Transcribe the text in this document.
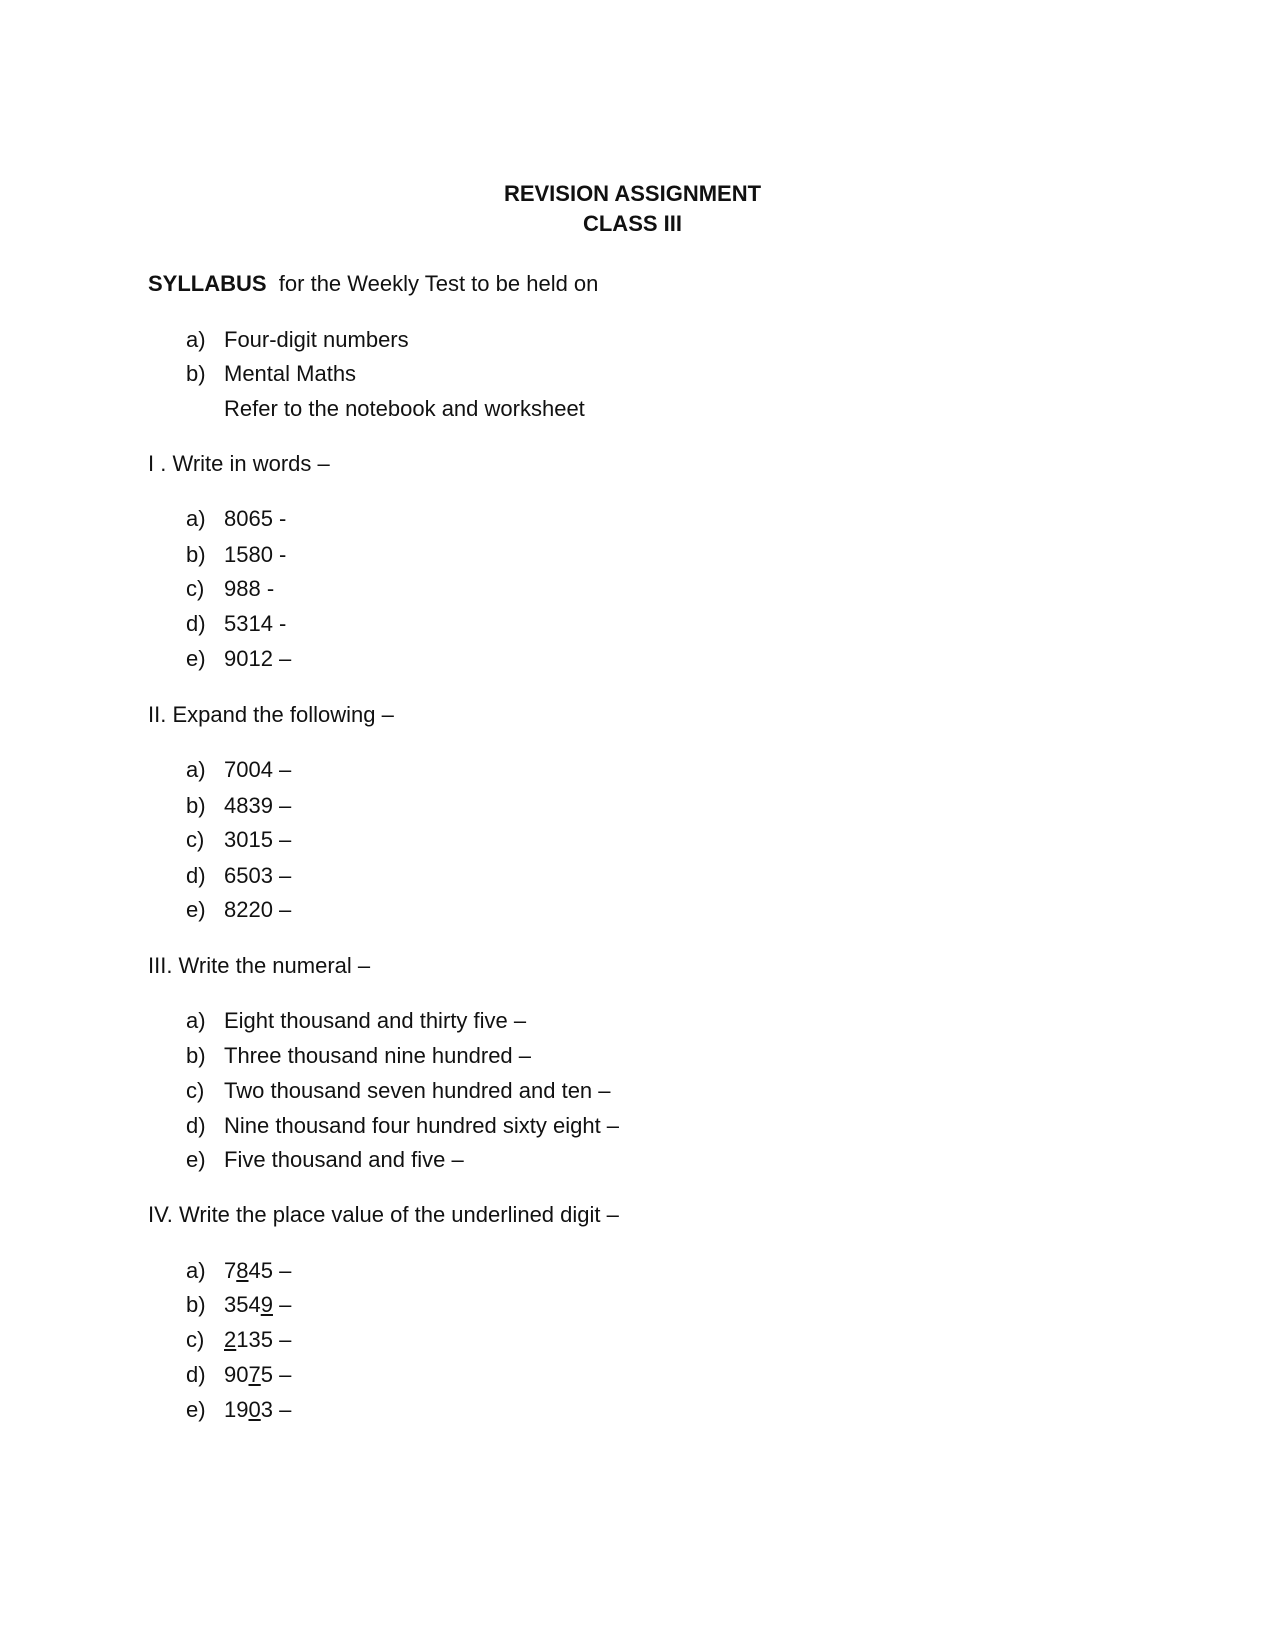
REVISION ASSIGNMENT
CLASS III
SYLLABUS for the Weekly Test to be held on
a) Four-digit numbers
b) Mental Maths
Refer to the notebook and worksheet
I . Write in words –
a) 8065 -
b) 1580 -
c) 988 -
d) 5314 -
e) 9012 –
II. Expand the following –
a) 7004 –
b) 4839 –
c) 3015 –
d) 6503 –
e) 8220 –
III. Write the numeral –
a) Eight thousand and thirty five –
b) Three thousand nine hundred –
c) Two thousand seven hundred and ten –
d) Nine thousand four hundred sixty eight –
e) Five thousand and five –
IV. Write the place value of the underlined digit –
a) 7845 –
b) 3549 –
c) 2135 –
d) 9075 –
e) 1903 –
